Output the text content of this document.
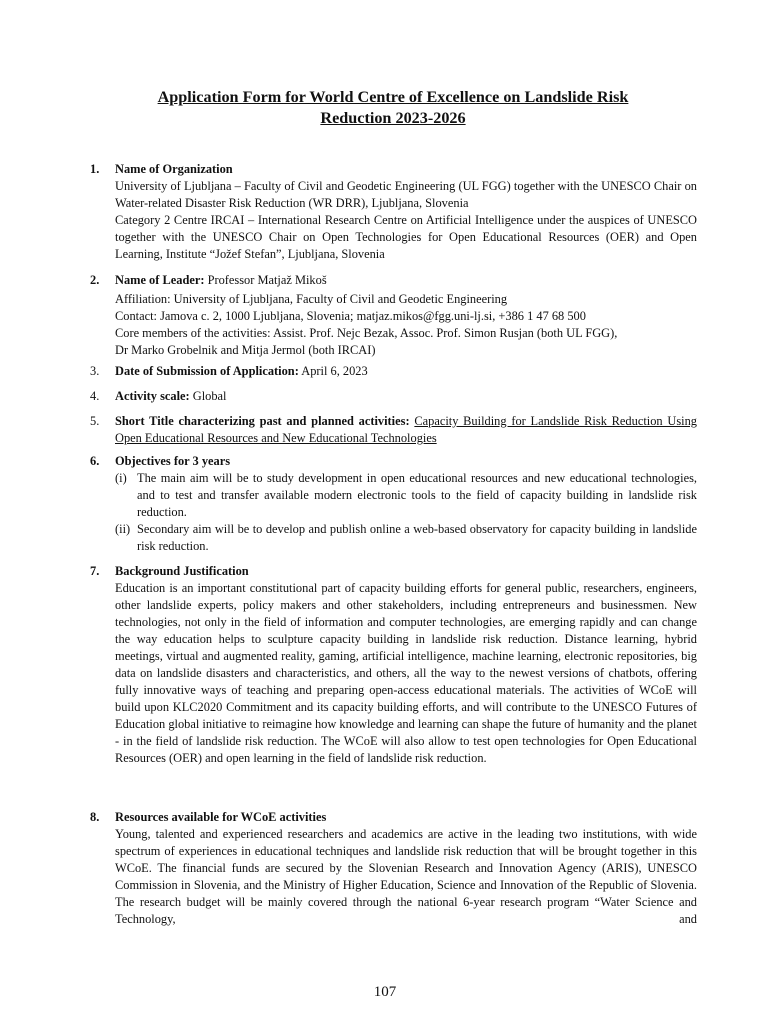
Application Form for World Centre of Excellence on Landslide Risk
Reduction 2023-2026
1.	Name of Organization
University of Ljubljana – Faculty of Civil and Geodetic Engineering (UL FGG) together with the UNESCO Chair on Water-related Disaster Risk Reduction (WR DRR), Ljubljana, Slovenia
Category 2 Centre IRCAI – International Research Centre on Artificial Intelligence under the auspices of UNESCO together with the UNESCO Chair on Open Technologies for Open Educational Resources (OER) and Open Learning, Institute “Jožef Stefan”, Ljubljana, Slovenia
2.	Name of Leader: Professor Matjaž Mikoš
Affiliation: University of Ljubljana, Faculty of Civil and Geodetic Engineering
Contact: Jamova c. 2, 1000 Ljubljana, Slovenia; matjaz.mikos@fgg.uni-lj.si, +386 1 47 68 500
Core members of the activities: Assist. Prof. Nejc Bezak, Assoc. Prof. Simon Rusjan (both UL FGG),
Dr Marko Grobelnik and Mitja Jermol (both IRCAI)
3.	Date of Submission of Application: April 6, 2023
4.	Activity scale: Global
5.	Short Title characterizing past and planned activities: Capacity Building for Landslide Risk Reduction Using Open Educational Resources and New Educational Technologies
6.	Objectives for 3 years
(i) The main aim will be to study development in open educational resources and new educational technologies, and to test and transfer available modern electronic tools to the field of capacity building in landslide risk reduction.
(ii) Secondary aim will be to develop and publish online a web-based observatory for capacity building in landslide risk reduction.
7.	Background Justification
Education is an important constitutional part of capacity building efforts for general public, researchers, engineers, other landslide experts, policy makers and other stakeholders, including entrepreneurs and businessmen. New technologies, not only in the field of information and computer technologies, are emerging rapidly and can change the way education helps to sculpture capacity building in landslide risk reduction. Distance learning, hybrid meetings, virtual and augmented reality, gaming, artificial intelligence, machine learning, electronic repositories, big data on landslide disasters and characteristics, and others, all the way to the newest versions of chatbots, offering fully innovative ways of teaching and preparing open-access educational materials. The activities of WCoE will build upon KLC2020 Commitment and its capacity building efforts, and will contribute to the UNESCO Futures of Education global initiative to reimagine how knowledge and learning can shape the future of humanity and the planet - in the field of landslide risk reduction. The WCoE will also allow to test open technologies for Open Educational Resources (OER) and open learning in the field of landslide risk reduction.
8.	Resources available for WCoE activities
Young, talented and experienced researchers and academics are active in the leading two institutions, with wide spectrum of experiences in educational techniques and landslide risk reduction that will be brought together in this WCoE. The financial funds are secured by the Slovenian Research and Innovation Agency (ARIS), UNESCO Commission in Slovenia, and the Ministry of Higher Education, Science and Innovation of the Republic of Slovenia. The research budget will be mainly covered through the national 6-year research program “Water Science and Technology, and
107
